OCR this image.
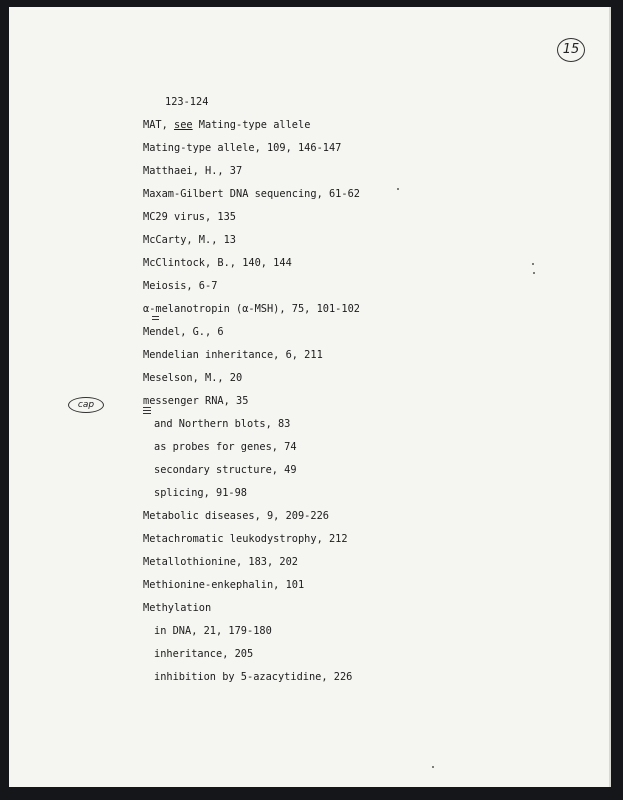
15
123-124
MAT, see Mating-type allele
Mating-type allele, 109, 146-147
Matthaei, H., 37
Maxam-Gilbert DNA sequencing, 61-62
MC29 virus, 135
McCarty, M., 13
McClintock, B., 140, 144
Meiosis, 6-7
α-melanotropin (α-MSH), 75, 101-102
Mendel, G., 6
Mendelian inheritance, 6, 211
Meselson, M., 20
messenger RNA, 35
and Northern blots, 83
as probes for genes, 74
secondary structure, 49
splicing, 91-98
Metabolic diseases, 9, 209-226
Metachromatic leukodystrophy, 212
Metallothionine, 183, 202
Methionine-enkephalin, 101
Methylation
in DNA, 21, 179-180
inheritance, 205
inhibition by 5-azacytidine, 226
cap
